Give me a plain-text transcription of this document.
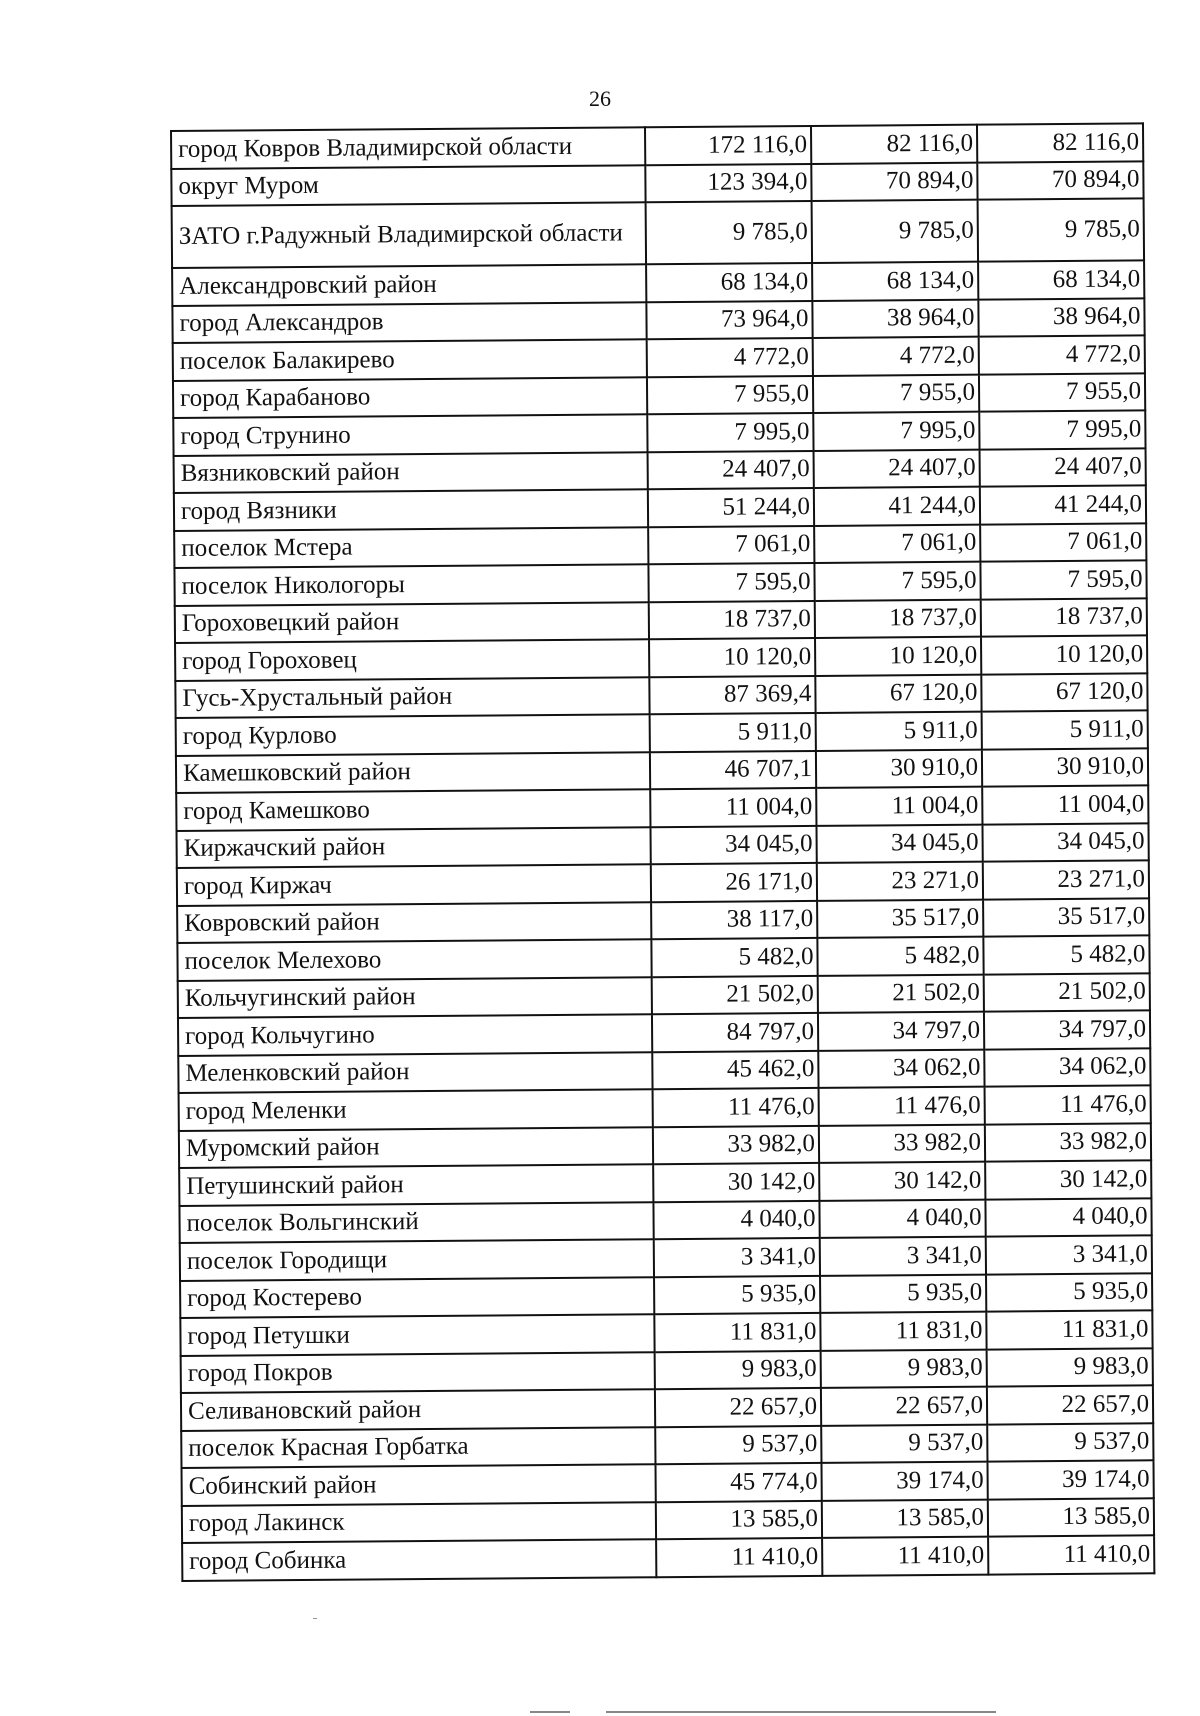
26
город Ковров Владимирской области	172 116,0	82 116,0	82 116,0
округ Муром	123 394,0	70 894,0	70 894,0
ЗАТО г.Радужный Владимирской области	9 785,0	9 785,0	9 785,0
Александровский район	68 134,0	68 134,0	68 134,0
город Александров	73 964,0	38 964,0	38 964,0
поселок Балакирево	4 772,0	4 772,0	4 772,0
город Карабаново	7 955,0	7 955,0	7 955,0
город Струнино	7 995,0	7 995,0	7 995,0
Вязниковский район	24 407,0	24 407,0	24 407,0
город Вязники	51 244,0	41 244,0	41 244,0
поселок Мстера	7 061,0	7 061,0	7 061,0
поселок Никологоры	7 595,0	7 595,0	7 595,0
Гороховецкий район	18 737,0	18 737,0	18 737,0
город Гороховец	10 120,0	10 120,0	10 120,0
Гусь-Хрустальный район	87 369,4	67 120,0	67 120,0
город Курлово	5 911,0	5 911,0	5 911,0
Камешковский район	46 707,1	30 910,0	30 910,0
город Камешково	11 004,0	11 004,0	11 004,0
Киржачский район	34 045,0	34 045,0	34 045,0
город Киржач	26 171,0	23 271,0	23 271,0
Ковровский район	38 117,0	35 517,0	35 517,0
поселок Мелехово	5 482,0	5 482,0	5 482,0
Кольчугинский район	21 502,0	21 502,0	21 502,0
город Кольчугино	84 797,0	34 797,0	34 797,0
Меленковский район	45 462,0	34 062,0	34 062,0
город Меленки	11 476,0	11 476,0	11 476,0
Муромский район	33 982,0	33 982,0	33 982,0
Петушинский район	30 142,0	30 142,0	30 142,0
поселок Вольгинский	4 040,0	4 040,0	4 040,0
поселок Городищи	3 341,0	3 341,0	3 341,0
город Костерево	5 935,0	5 935,0	5 935,0
город Петушки	11 831,0	11 831,0	11 831,0
город Покров	9 983,0	9 983,0	9 983,0
Селивановский район	22 657,0	22 657,0	22 657,0
поселок Красная Горбатка	9 537,0	9 537,0	9 537,0
Собинский район	45 774,0	39 174,0	39 174,0
город Лакинск	13 585,0	13 585,0	13 585,0
город Собинка	11 410,0	11 410,0	11 410,0
